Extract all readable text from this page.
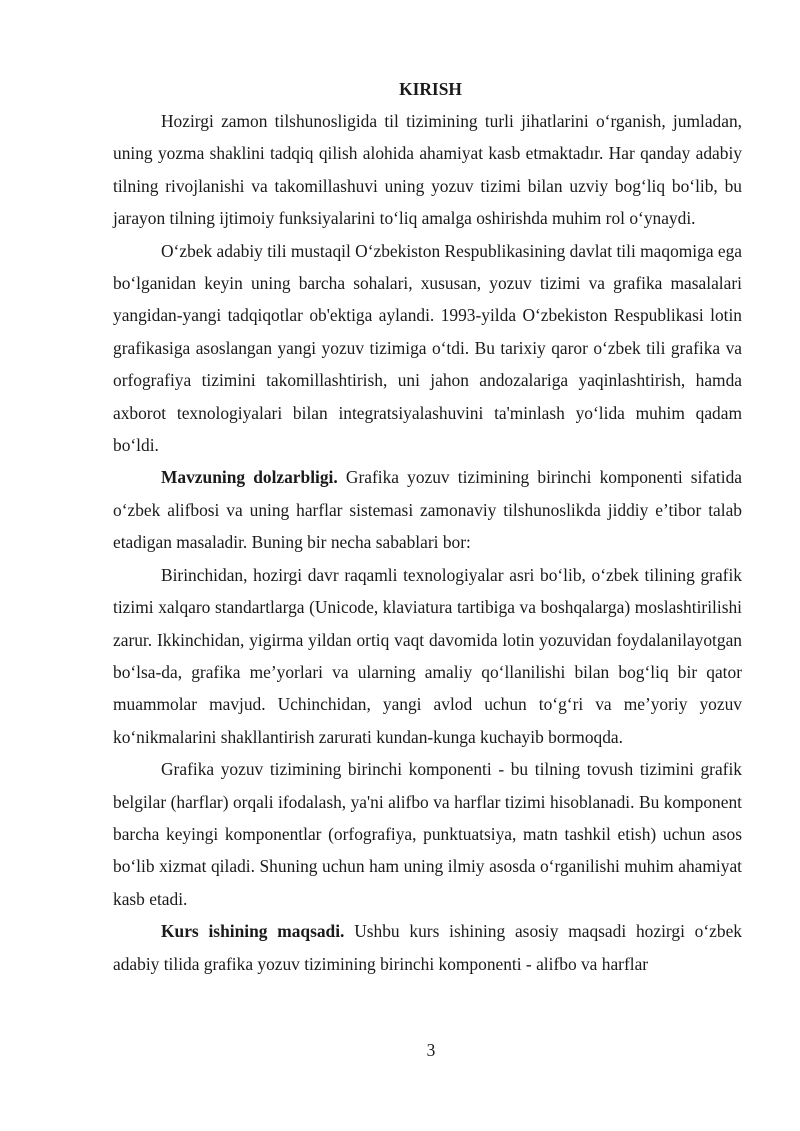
KIRISH

Hozirgi zamon tilshunosligida til tizimining turli jihatlarini o‘rganish, jumladan, uning yozma shaklini tadqiq qilish alohida ahamiyat kasb etmaktadır. Har qanday adabiy tilning rivojlanishi va takomillashuvi uning yozuv tizimi bilan uzviy bog‘liq bo‘lib, bu jarayon tilning ijtimoiy funksiyalarini to‘liq amalga oshirishda muhim rol o‘ynaydi.

O‘zbek adabiy tili mustaqil O‘zbekiston Respublikasining davlat tili maqomiga ega bo‘lganidan keyin uning barcha sohalari, xususan, yozuv tizimi va grafika masalalari yangidan-yangi tadqiqotlar ob'ektiga aylandi. 1993-yilda O‘zbekiston Respublikasi lotin grafikasiga asoslangan yangi yozuv tizimiga o‘tdi. Bu tarixiy qaror o‘zbek tili grafika va orfografiya tizimini takomillashtirish, uni jahon andozalariga yaqinlashtirish, hamda axborot texnologiyalari bilan integratsiyalashuvini ta'minlash yo‘lida muhim qadam bo‘ldi.

Mavzuning dolzarbligi. Grafika yozuv tizimining birinchi komponenti sifatida o‘zbek alifbosi va uning harflar sistemasi zamonaviy tilshunoslikda jiddiy e’tibor talab etadigan masaladir. Buning bir necha sabablari bor:

Birinchidan, hozirgi davr raqamli texnologiyalar asri bo‘lib, o‘zbek tilining grafik tizimi xalqaro standartlarga (Unicode, klaviatura tartibiga va boshqalarga) moslashtirilishi zarur. Ikkinchidan, yigirma yildan ortiq vaqt davomida lotin yozuvidan foydalanilayotgan bo‘lsa-da, grafika me’yorlari va ularning amaliy qo‘llanilishi bilan bog‘liq bir qator muammolar mavjud. Uchinchidan, yangi avlod uchun to‘g‘ri va me’yoriy yozuv ko‘nikmalarini shakllantirish zarurati kundan-kunga kuchayib bormoqda.

Grafika yozuv tizimining birinchi komponenti - bu tilning tovush tizimini grafik belgilar (harflar) orqali ifodalash, ya'ni alifbo va harflar tizimi hisoblanadi. Bu komponent barcha keyingi komponentlar (orfografiya, punktuatsiya, matn tashkil etish) uchun asos bo‘lib xizmat qiladi. Shuning uchun ham uning ilmiy asosda o‘rganilishi muhim ahamiyat kasb etadi.

Kurs ishining maqsadi. Ushbu kurs ishining asosiy maqsadi hozirgi o‘zbek adabiy tilida grafika yozuv tizimining birinchi komponenti - alifbo va harflar

3
